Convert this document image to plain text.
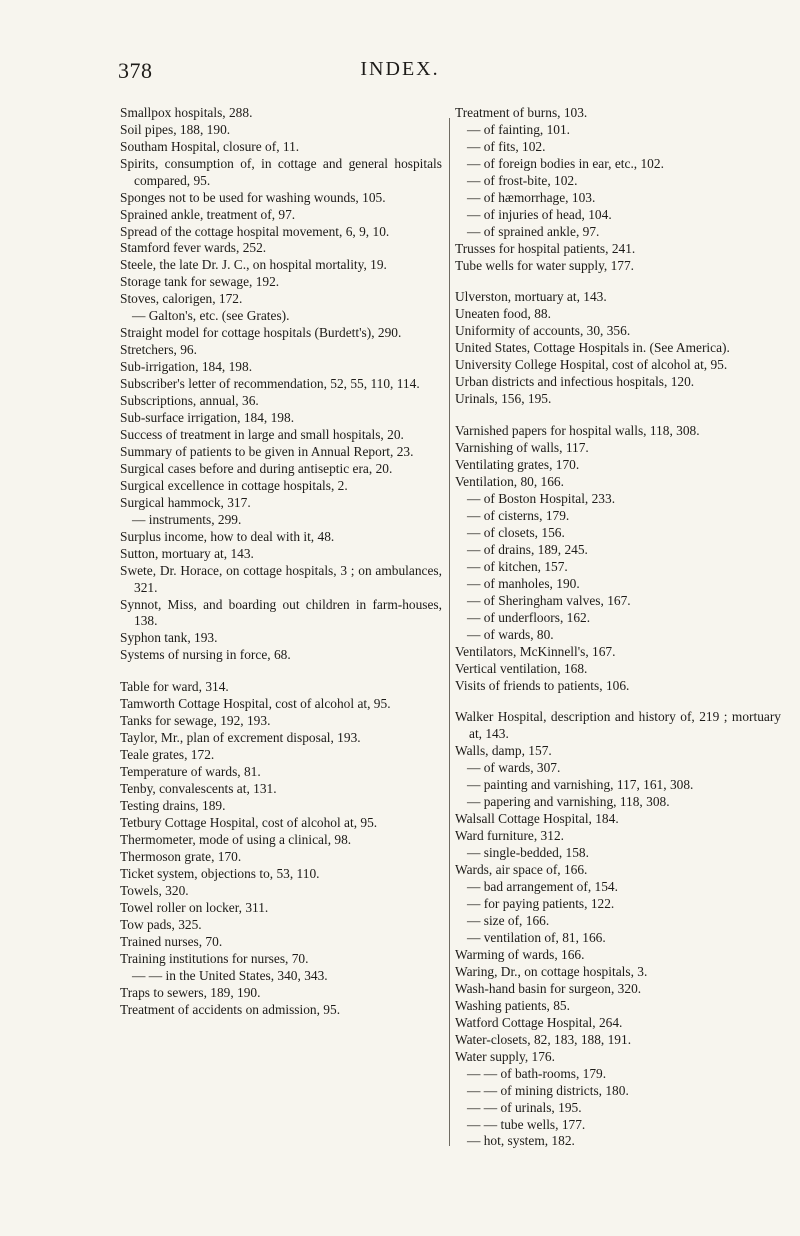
378	INDEX.
Smallpox hospitals, 288.
Soil pipes, 188, 190.
Southam Hospital, closure of, 11.
Spirits, consumption of, in cottage and general hospitals compared, 95.
Sponges not to be used for washing wounds, 105.
Sprained ankle, treatment of, 97.
Spread of the cottage hospital movement, 6, 9, 10.
Stamford fever wards, 252.
Steele, the late Dr. J. C., on hospital mortality, 19.
Storage tank for sewage, 192.
Stoves, calorigen, 172.
— Galton's, etc. (see Grates).
Straight model for cottage hospitals (Burdett's), 290.
Stretchers, 96.
Sub-irrigation, 184, 198.
Subscriber's letter of recommendation, 52, 55, 110, 114.
Subscriptions, annual, 36.
Sub-surface irrigation, 184, 198.
Success of treatment in large and small hospitals, 20.
Summary of patients to be given in Annual Report, 23.
Surgical cases before and during antiseptic era, 20.
Surgical excellence in cottage hospitals, 2.
Surgical hammock, 317.
— instruments, 299.
Surplus income, how to deal with it, 48.
Sutton, mortuary at, 143.
Swete, Dr. Horace, on cottage hospitals, 3 ; on ambulances, 321.
Synnot, Miss, and boarding out children in farm-houses, 138.
Syphon tank, 193.
Systems of nursing in force, 68.
Table for ward, 314.
Tamworth Cottage Hospital, cost of alcohol at, 95.
Tanks for sewage, 192, 193.
Taylor, Mr., plan of excrement disposal, 193.
Teale grates, 172.
Temperature of wards, 81.
Tenby, convalescents at, 131.
Testing drains, 189.
Tetbury Cottage Hospital, cost of alcohol at, 95.
Thermometer, mode of using a clinical, 98.
Thermoson grate, 170.
Ticket system, objections to, 53, 110.
Towels, 320.
Towel roller on locker, 311.
Tow pads, 325.
Trained nurses, 70.
Training institutions for nurses, 70.
— — in the United States, 340, 343.
Traps to sewers, 189, 190.
Treatment of accidents on admission, 95.
Treatment of burns, 103.
— of fainting, 101.
— of fits, 102.
— of foreign bodies in ear, etc., 102.
— of frost-bite, 102.
— of hæmorrhage, 103.
— of injuries of head, 104.
— of sprained ankle, 97.
Trusses for hospital patients, 241.
Tube wells for water supply, 177.
Ulverston, mortuary at, 143.
Uneaten food, 88.
Uniformity of accounts, 30, 356.
United States, Cottage Hospitals in. (See America).
University College Hospital, cost of alcohol at, 95.
Urban districts and infectious hospitals, 120.
Urinals, 156, 195.
Varnished papers for hospital walls, 118, 308.
Varnishing of walls, 117.
Ventilating grates, 170.
Ventilation, 80, 166.
— of Boston Hospital, 233.
— of cisterns, 179.
— of closets, 156.
— of drains, 189, 245.
— of kitchen, 157.
— of manholes, 190.
— of Sheringham valves, 167.
— of underfloors, 162.
— of wards, 80.
Ventilators, McKinnell's, 167.
Vertical ventilation, 168.
Visits of friends to patients, 106.
Walker Hospital, description and history of, 219 ; mortuary at, 143.
Walls, damp, 157.
— of wards, 307.
— painting and varnishing, 117, 161, 308.
— papering and varnishing, 118, 308.
Walsall Cottage Hospital, 184.
Ward furniture, 312.
— single-bedded, 158.
Wards, air space of, 166.
— bad arrangement of, 154.
— for paying patients, 122.
— size of, 166.
— ventilation of, 81, 166.
Warming of wards, 166.
Waring, Dr., on cottage hospitals, 3.
Wash-hand basin for surgeon, 320.
Washing patients, 85.
Watford Cottage Hospital, 264.
Water-closets, 82, 183, 188, 191.
Water supply, 176.
— — of bath-rooms, 179.
— — of mining districts, 180.
— — of urinals, 195.
— — tube wells, 177.
— hot, system, 182.
